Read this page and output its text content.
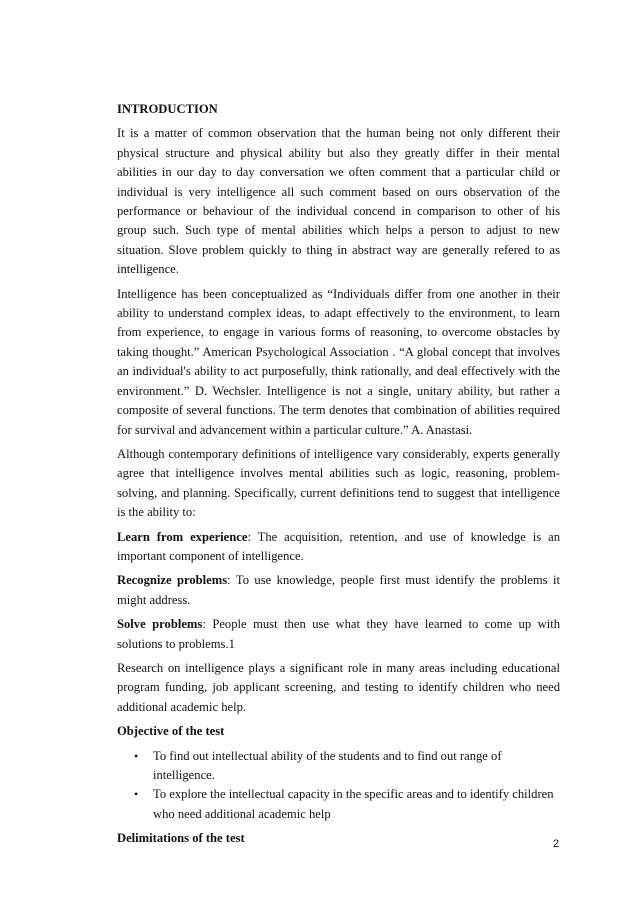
INTRODUCTION

It is a matter of common observation that the human being not only different their physical structure and physical ability but also they greatly differ in their mental abilities in our day to day conversation we often comment that a particular child or individual is very intelligence all such comment based on ours observation of the performance or behaviour of the individual concend in comparison to other of his group such. Such type of mental abilities which helps a person to adjust to new situation. Slove problem quickly to thing in abstract way are generally refered to as intelligence.

Intelligence has been conceptualized as “Individuals differ from one another in their ability to understand complex ideas, to adapt effectively to the environment, to learn from experience, to engage in various forms of reasoning, to overcome obstacles by taking thought.” American Psychological Association . “A global concept that involves an individual's ability to act purposefully, think rationally, and deal effectively with the environment.” D. Wechsler. Intelligence is not a single, unitary ability, but rather a composite of several functions. The term denotes that combination of abilities required for survival and advancement within a particular culture.” A. Anastasi.

Although contemporary definitions of intelligence vary considerably, experts generally agree that intelligence involves mental abilities such as logic, reasoning, problem-solving, and planning. Specifically, current definitions tend to suggest that intelligence is the ability to:

Learn from experience: The acquisition, retention, and use of knowledge is an important component of intelligence.

Recognize problems: To use knowledge, people first must identify the problems it might address.

Solve problems: People must then use what they have learned to come up with solutions to problems.1

Research on intelligence plays a significant role in many areas including educational program funding, job applicant screening, and testing to identify children who need additional academic help.

Objective of the test
• To find out intellectual ability of the students and to find out range of intelligence.
• To explore the intellectual capacity in the specific areas and to identify children who need additional academic help
Delimitations of the test	2
